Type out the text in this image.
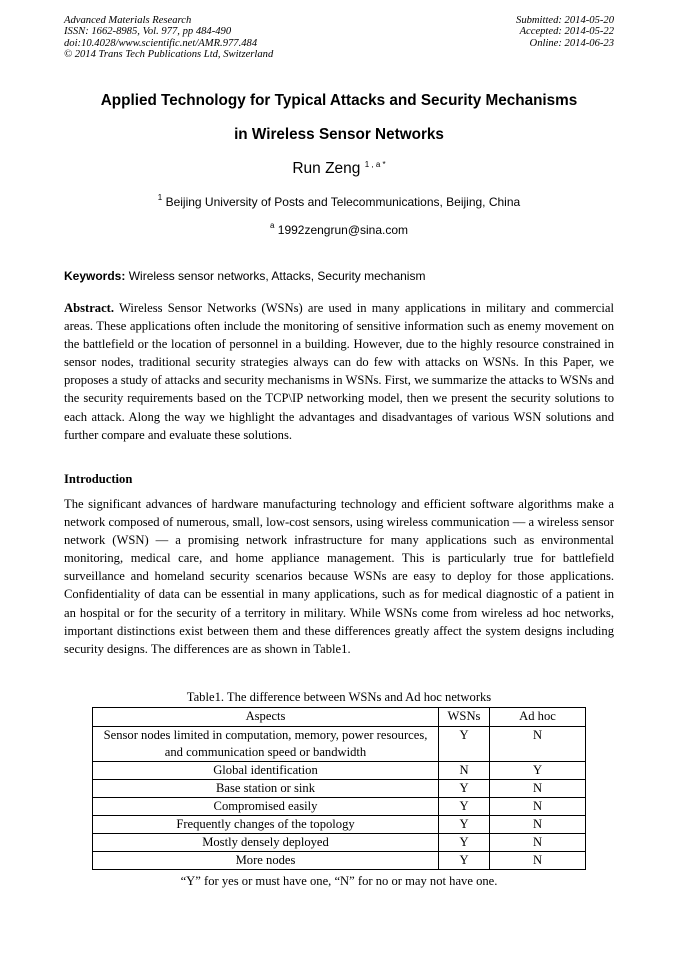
Advanced Materials Research
ISSN: 1662-8985, Vol. 977, pp 484-490
doi:10.4028/www.scientific.net/AMR.977.484
© 2014 Trans Tech Publications Ltd, Switzerland
Submitted: 2014-05-20
Accepted: 2014-05-22
Online: 2014-06-23
Applied Technology for Typical Attacks and Security Mechanisms
in Wireless Sensor Networks
Run Zeng $^{1 , a *}$
$^1$ Beijing University of Posts and Telecommunications, Beijing, China
$^a$ 1992zengrun@sina.com
Keywords: Wireless sensor networks, Attacks, Security mechanism

Abstract. Wireless Sensor Networks (WSNs) are used in many applications in military and commercial areas. These applications often include the monitoring of sensitive information such as enemy movement on the battlefield or the location of personnel in a building. However, due to the highly resource constrained in sensor nodes, traditional security strategies always can do few with attacks on WSNs. In this Paper, we proposes a study of attacks and security mechanisms in WSNs. First, we summarize the attacks to WSNs and the security requirements based on the TCP\IP networking model, then we present the security solutions to each attack. Along the way we highlight the advantages and disadvantages of various WSN solutions and further compare and evaluate these solutions.

Introduction

The significant advances of hardware manufacturing technology and efficient software algorithms make a network composed of numerous, small, low-cost sensors, using wireless communication — a wireless sensor network (WSN) — a promising network infrastructure for many applications such as environmental monitoring, medical care, and home appliance management. This is particularly true for battlefield surveillance and homeland security scenarios because WSNs are easy to deploy for those applications. Confidentiality of data can be essential in many applications, such as for medical diagnostic of a patient in an hospital or for the security of a territory in military. While WSNs come from wireless ad hoc networks, important distinctions exist between them and these differences greatly affect the system designs including security designs. The differences are as shown in Table1.

Table1. The difference between WSNs and Ad hoc networks
Aspects	WSNs	Ad hoc
Sensor nodes limited in computation, memory, power resources, and communication speed or bandwidth	Y	N
Global identification	N	Y
Base station or sink	Y	N
Compromised easily	Y	N
Frequently changes of the topology	Y	N
Mostly densely deployed	Y	N
More nodes	Y	N
“Y” for yes or must have one, “N” for no or may not have one.
